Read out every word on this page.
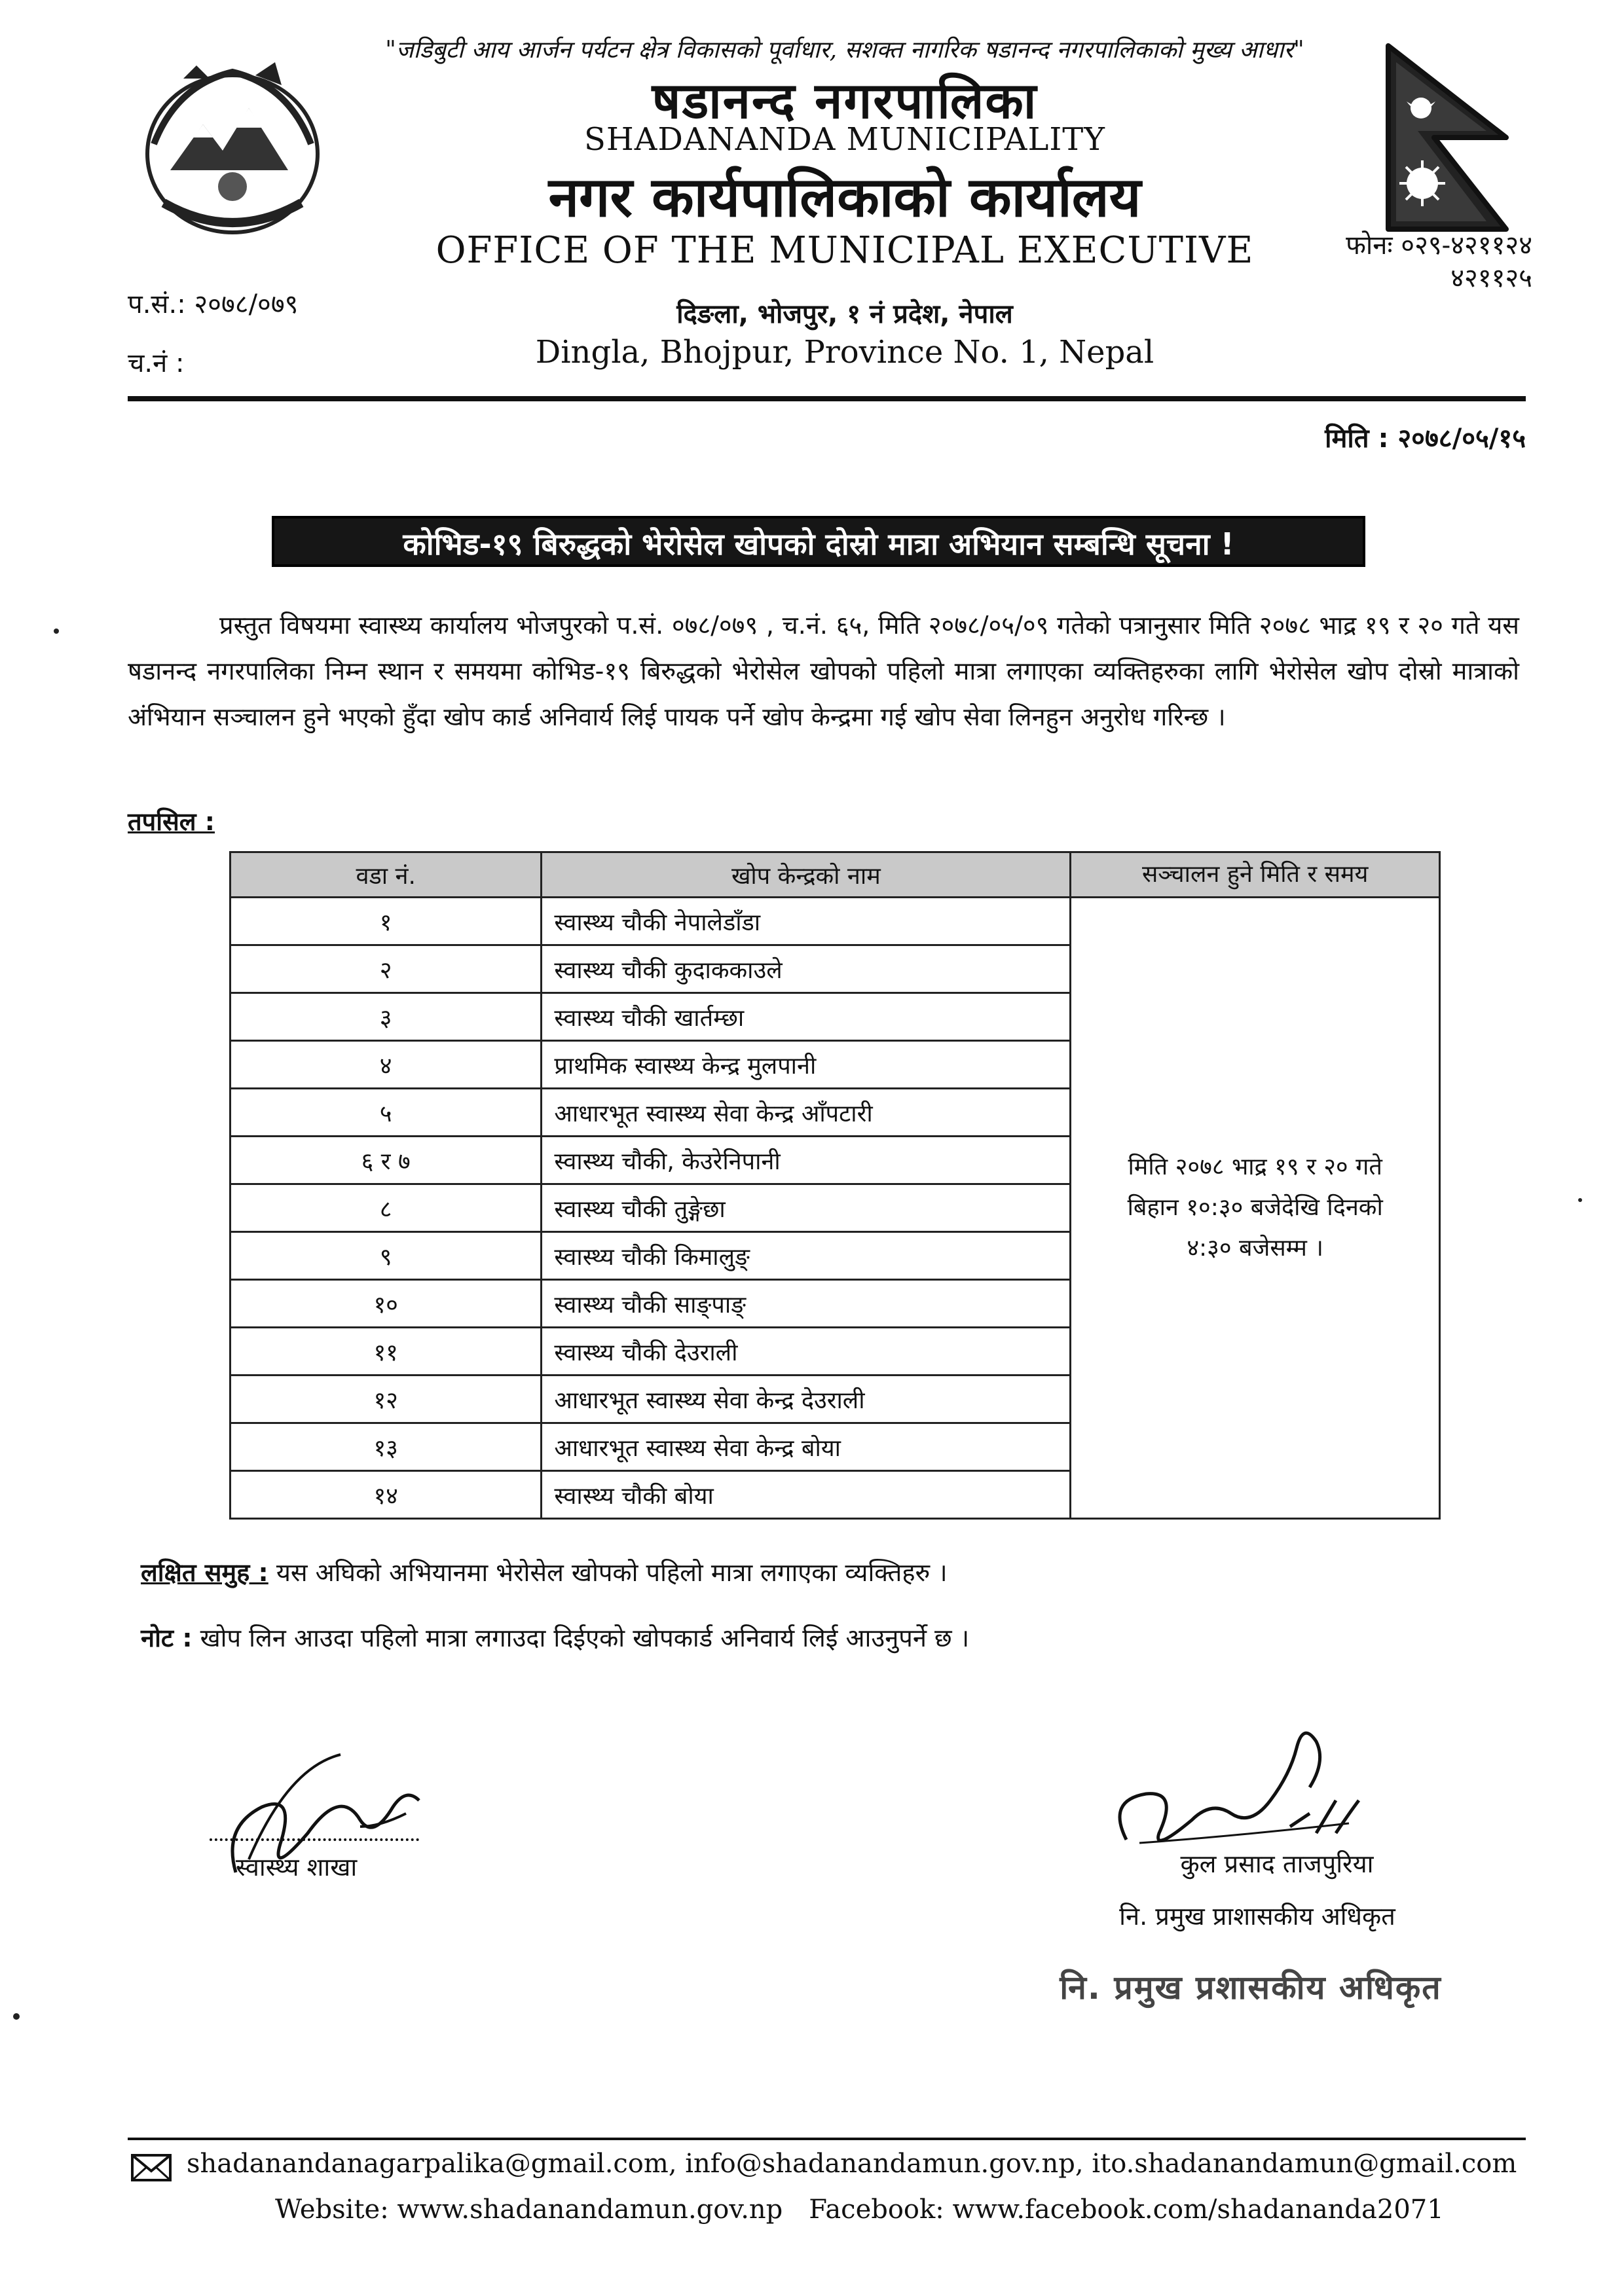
"जडिबुटी आय आर्जन पर्यटन क्षेत्र विकासको पूर्वाधार, सशक्त नागरिक षडानन्द नगरपालिकाको मुख्य आधार"
षडानन्द नगरपालिका
SHADANANDA MUNICIPALITY
नगर कार्यपालिकाको कार्यालय
OFFICE OF THE MUNICIPAL EXECUTIVE
दिङला, भोजपुर, १ नं प्रदेश, नेपाल
Dingla, Bhojpur, Province No. 1, Nepal
फोनः ०२९-४२११२४
४२११२५
प.सं.: २०७८/०७९
च.नं :
मिति : २०७८/०५/१५
कोभिड-१९ बिरुद्धको भेरोसेल खोपको दोस्रो मात्रा अभियान सम्बन्धि सूचना !
प्रस्तुत विषयमा स्वास्थ्य कार्यालय भोजपुरको प.सं. ०७८/०७९ , च.नं. ६५, मिति २०७८/०५/०९ गतेको पत्रानुसार मिति २०७८ भाद्र १९ र २० गते यस षडानन्द नगरपालिका निम्न स्थान र समयमा कोभिड-१९ बिरुद्धको भेरोसेल खोपको पहिलो मात्रा लगाएका व्यक्तिहरुका लागि भेरोसेल खोप दोस्रो मात्राको अंभियान सञ्चालन हुने भएको हुँदा खोप कार्ड अनिवार्य लिई पायक पर्ने खोप केन्द्रमा गई खोप सेवा लिनहुन अनुरोध गरिन्छ ।
तपसिल :
वडा नं.	खोप केन्द्रको नाम	सञ्चालन हुने मिति र समय
१	स्वास्थ्य चौकी नेपालेडाँडा	मिति २०७८ भाद्र १९ र २० गते
बिहान १०:३० बजेदेखि दिनको
४:३० बजेसम्म ।

२	स्वास्थ्य चौकी कुदाककाउले	
३	स्वास्थ्य चौकी खार्तम्छा	
४	प्राथमिक स्वास्थ्य केन्द्र मुलपानी	
५	आधारभूत स्वास्थ्य सेवा केन्द्र आँपटारी	
६ र ७	स्वास्थ्य चौकी, केउरेनिपानी	
८	स्वास्थ्य चौकी तुङ्गेछा	
९	स्वास्थ्य चौकी किमालुङ्	
१०	स्वास्थ्य चौकी साङ्पाङ्	
११	स्वास्थ्य चौकी देउराली	
१२	आधारभूत स्वास्थ्य सेवा केन्द्र देउराली	
१३	आधारभूत स्वास्थ्य सेवा केन्द्र बोया	
१४	स्वास्थ्य चौकी बोया	
लक्षित समुह : यस अघिको अभियानमा भेरोसेल खोपको पहिलो मात्रा लगाएका व्यक्तिहरु ।
नोट : खोप लिन आउदा पहिलो मात्रा लगाउदा दिईएको खोपकार्ड अनिवार्य लिई आउनुपर्ने छ ।
स्वास्थ्य शाखा	कुल प्रसाद ताजपुरिया
नि. प्रमुख प्राशासकीय अधिकृत
नि. प्रमुख प्रशासकीय अधिकृत
shadanandanagarpalika@gmail.com, info@shadanandamun.gov.np, ito.shadanandamun@gmail.com
Website: www.shadanandamun.gov.np Facebook: www.facebook.com/shadananda2071
